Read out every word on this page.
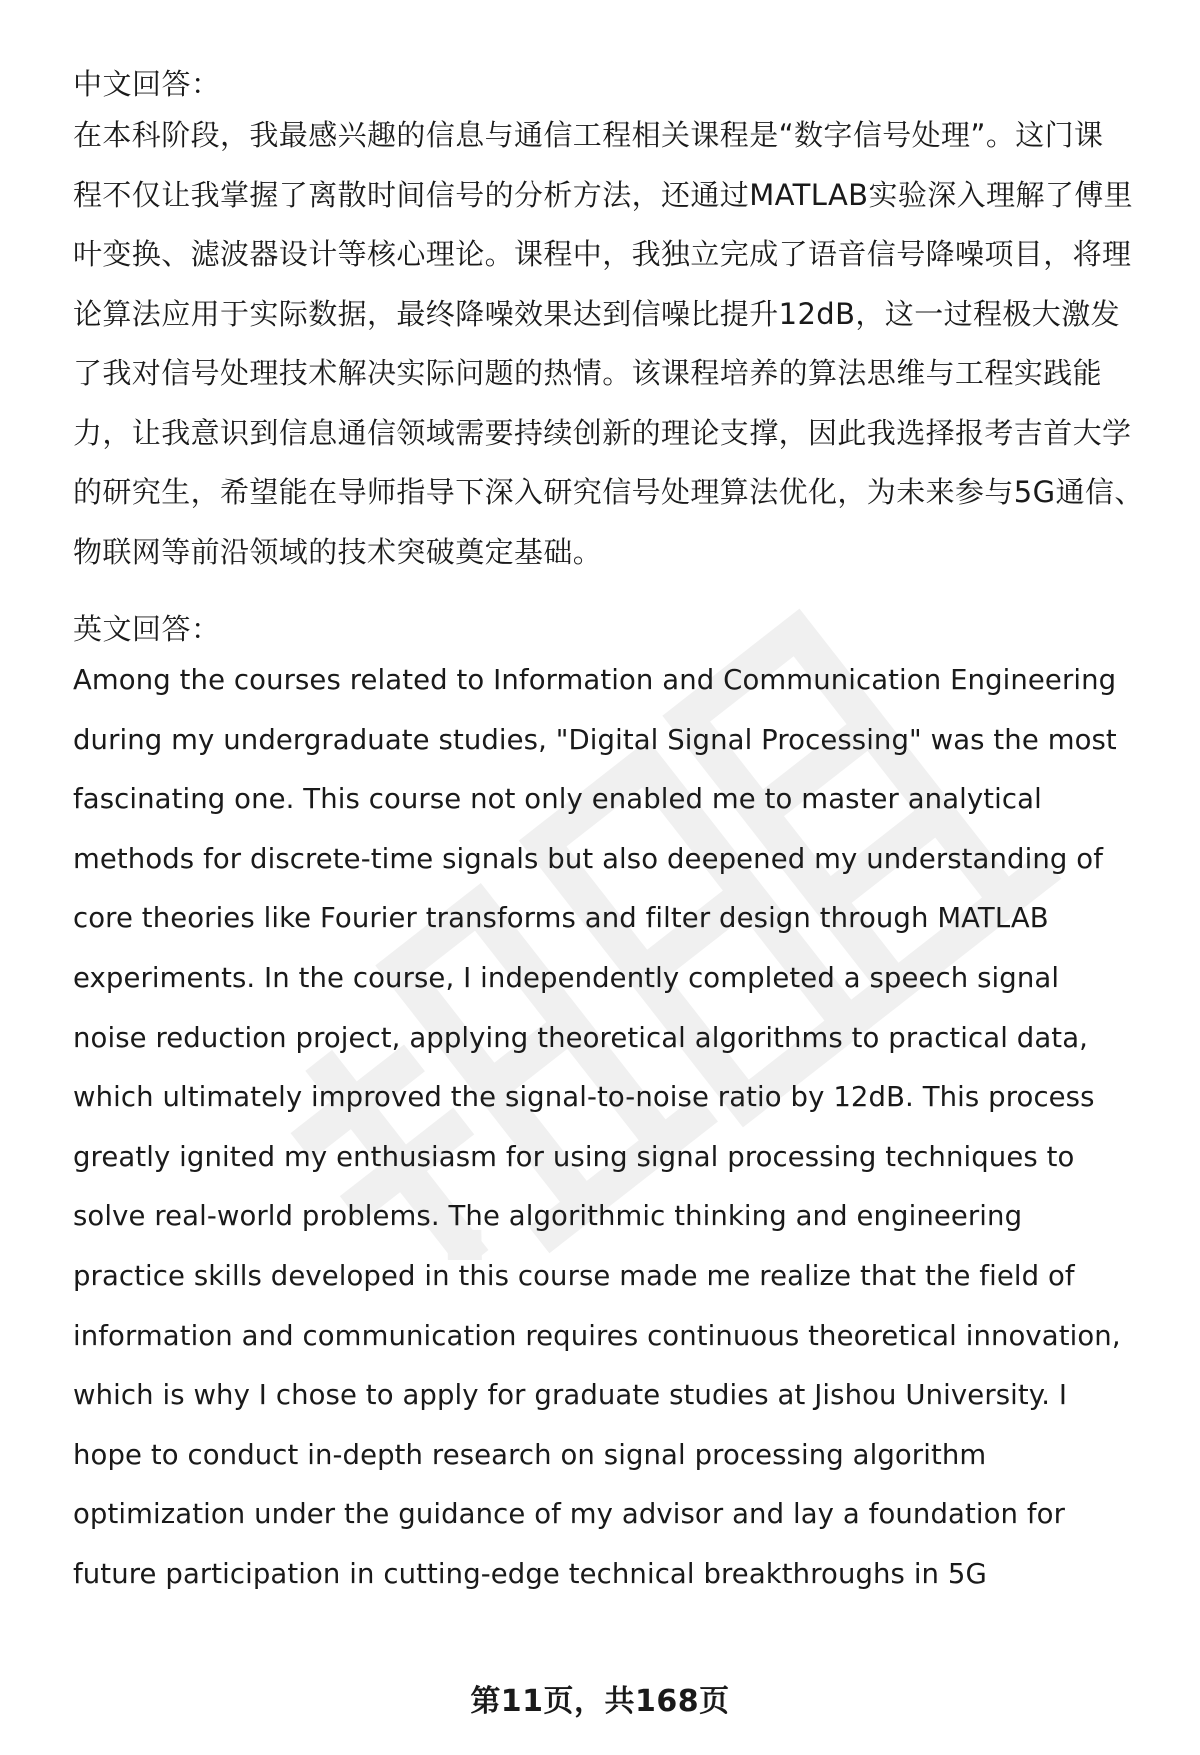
中文回答：

在本科阶段，我最感兴趣的信息与通信工程相关课程是“数字信号处理”。这门课
程不仅让我掌握了离散时间信号的分析方法，还通过MATLAB实验深入理解了傅里
叶变换、滤波器设计等核心理论。课程中，我独立完成了语音信号降噪项目，将理
论算法应用于实际数据，最终降噪效果达到信噪比提升12dB，这一过程极大激发
了我对信号处理技术解决实际问题的热情。该课程培养的算法思维与工程实践能
力，让我意识到信息通信领域需要持续创新的理论支撑，因此我选择报考吉首大学
的研究生，希望能在导师指导下深入研究信号处理算法优化，为未来参与5G通信、
物联网等前沿领域的技术突破奠定基础。

英文回答：

Among the courses related to Information and Communication Engineering
during my undergraduate studies, "Digital Signal Processing" was the most
fascinating one. This course not only enabled me to master analytical
methods for discrete-time signals but also deepened my understanding of
core theories like Fourier transforms and filter design through MATLAB
experiments. In the course, I independently completed a speech signal
noise reduction project, applying theoretical algorithms to practical data,
which ultimately improved the signal-to-noise ratio by 12dB. This process
greatly ignited my enthusiasm for using signal processing techniques to
solve real-world problems. The algorithmic thinking and engineering
practice skills developed in this course made me realize that the field of
information and communication requires continuous theoretical innovation,
which is why I chose to apply for graduate studies at Jishou University. I
hope to conduct in-depth research on signal processing algorithm
optimization under the guidance of my advisor and lay a foundation for
future participation in cutting-edge technical breakthroughs in 5G
第11页，共168页
